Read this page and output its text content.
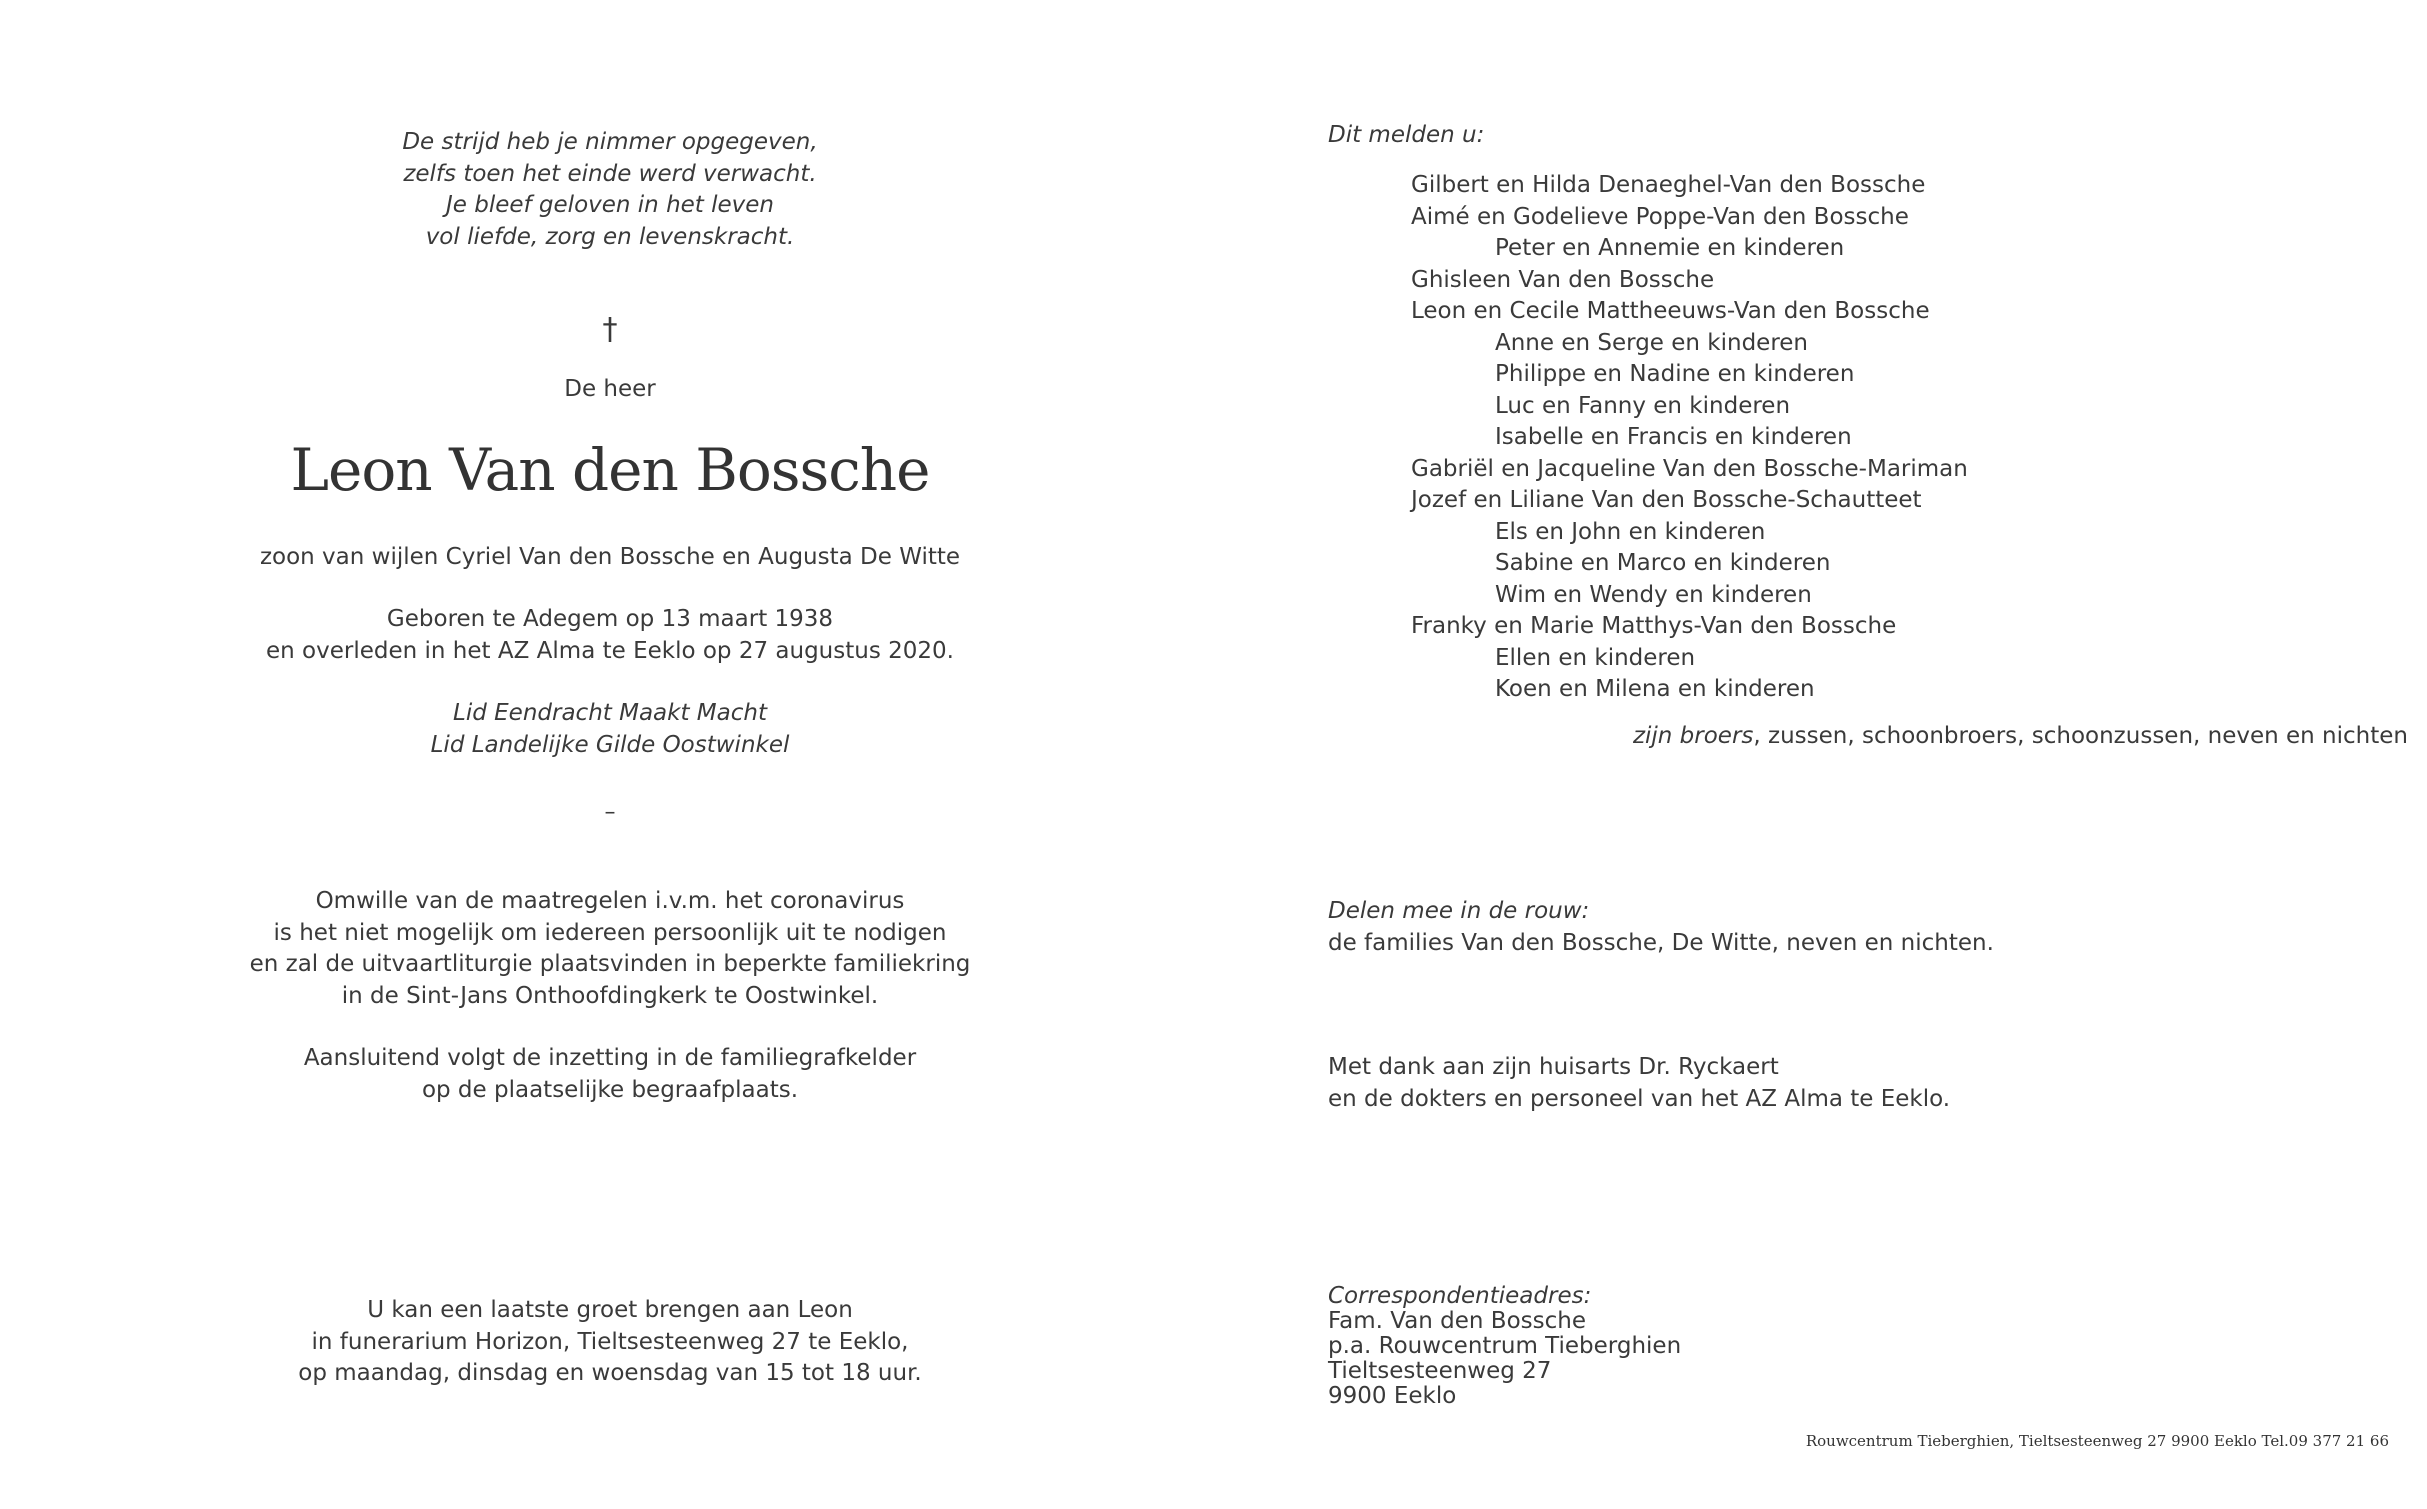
De strijd heb je nimmer opgegeven,
zelfs toen het einde werd verwacht.
Je bleef geloven in het leven
vol liefde, zorg en levenskracht.
†
De heer
Leon Van den Bossche
zoon van wijlen Cyriel Van den Bossche en Augusta De Witte
Geboren te Adegem op 13 maart 1938
en overleden in het AZ Alma te Eeklo op 27 augustus 2020.
Lid Eendracht Maakt Macht
Lid Landelijke Gilde Oostwinkel
–
Omwille van de maatregelen i.v.m. het coronavirus
is het niet mogelijk om iedereen persoonlijk uit te nodigen
en zal de uitvaartliturgie plaatsvinden in beperkte familiekring
in de Sint-Jans Onthoofdingkerk te Oostwinkel.
Aansluitend volgt de inzetting in de familiegrafkelder
op de plaatselijke begraafplaats.
U kan een laatste groet brengen aan Leon
in funerarium Horizon, Tieltsesteenweg 27 te Eeklo,
op maandag, dinsdag en woensdag van 15 tot 18 uur.
Dit melden u:
Gilbert en Hilda Denaeghel-Van den Bossche
Aimé en Godelieve Poppe-Van den Bossche
Peter en Annemie en kinderen
Ghisleen Van den Bossche
Leon en Cecile Mattheeuws-Van den Bossche
Anne en Serge en kinderen
Philippe en Nadine en kinderen
Luc en Fanny en kinderen
Isabelle en Francis en kinderen
Gabriël en Jacqueline Van den Bossche-Mariman
Jozef en Liliane Van den Bossche-Schautteet
Els en John en kinderen
Sabine en Marco en kinderen
Wim en Wendy en kinderen
Franky en Marie Matthys-Van den Bossche
Ellen en kinderen
Koen en Milena en kinderen
zijn broers, zussen, schoonbroers, schoonzussen, neven en nichten
Delen mee in de rouw:
de families Van den Bossche, De Witte, neven en nichten.
Met dank aan zijn huisarts Dr. Ryckaert
en de dokters en personeel van het AZ Alma te Eeklo.
Correspondentieadres:
Fam. Van den Bossche
p.a. Rouwcentrum Tieberghien
Tieltsesteenweg 27
9900 Eeklo
Rouwcentrum Tieberghien, Tieltsesteenweg 27 9900 Eeklo Tel.09 377 21 66
